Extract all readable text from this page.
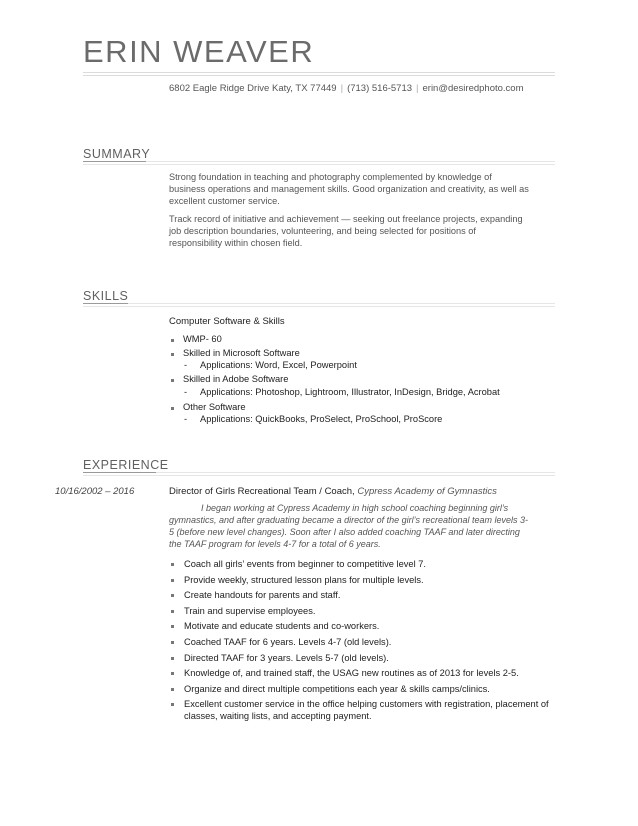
ERIN WEAVER
6802 Eagle Ridge Drive Katy, TX 77449 | (713) 516-5713 | erin@desiredphoto.com
SUMMARY

Strong foundation in teaching and photography complemented by knowledge of business operations and management skills. Good organization and creativity, as well as excellent customer service.

Track record of initiative and achievement — seeking out freelance projects, expanding job description boundaries, volunteering, and being selected for positions of responsibility within chosen field.

SKILLS
Computer Software & Skills
WMP- 60
Skilled in Microsoft Software
- Applications: Word, Excel, Powerpoint
Skilled in Adobe Software
- Applications: Photoshop, Lightroom, Illustrator, InDesign, Bridge, Acrobat
Other Software
- Applications: QuickBooks, ProSelect, ProSchool, ProScore
EXPERIENCE
10/16/2002 – 2016	Director of Girls Recreational Team / Coach, Cypress Academy of Gymnastics

I began working at Cypress Academy in high school coaching beginning girl’s gymnastics, and after graduating became a director of the girl’s recreational team levels 3-5 (before new level changes). Soon after I also added coaching TAAF and later directing the TAAF program for levels 4-7 for a total of 6 years.

Coach all girls’ events from beginner to competitive level 7.
Provide weekly, structured lesson plans for multiple levels.
Create handouts for parents and staff.
Train and supervise employees.
Motivate and educate students and co-workers.
Coached TAAF for 6 years. Levels 4-7 (old levels).
Directed TAAF for 3 years. Levels 5-7 (old levels).
Knowledge of, and trained staff, the USAG new routines as of 2013 for levels 2-5.
Organize and direct multiple competitions each year & skills camps/clinics.
Excellent customer service in the office helping customers with registration, placement of classes, waiting lists, and accepting payment.
